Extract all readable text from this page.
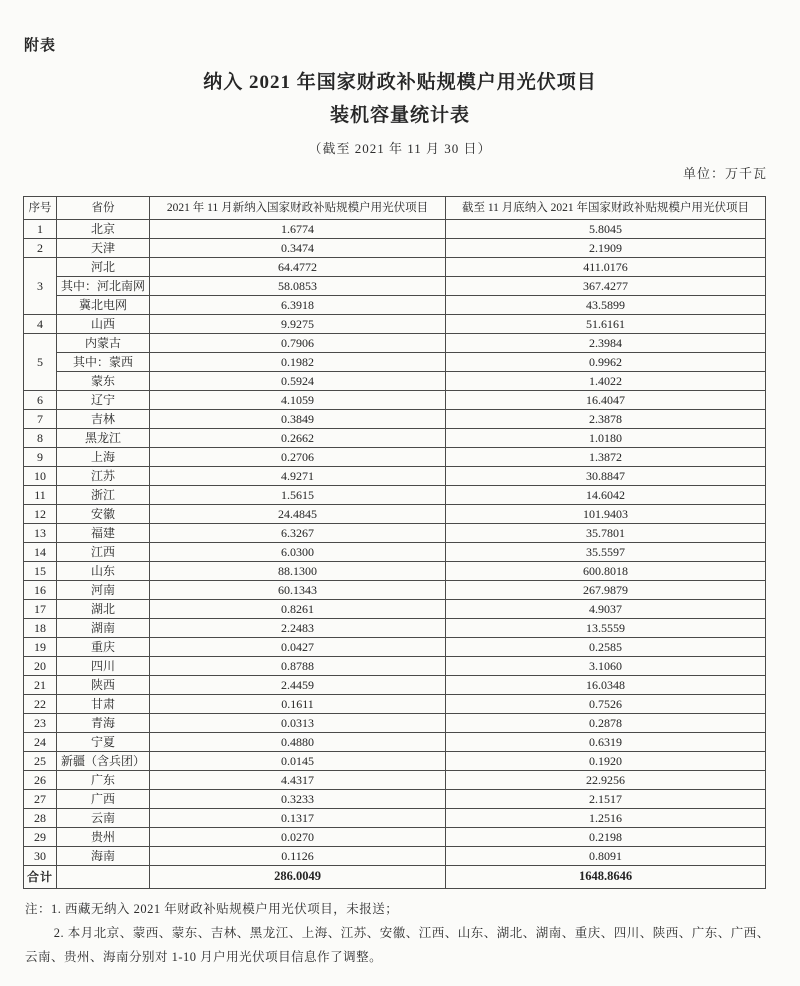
附表
纳入 2021 年国家财政补贴规模户用光伏项目
装机容量统计表
（截至 2021 年 11 月 30 日）
单位：万千瓦
序号	省份	2021 年 11 月新纳入国家财政补贴规模户用光伏项目	截至 11 月底纳入 2021 年国家财政补贴规模户用光伏项目
1	北京	1.6774	5.8045
2	天津	0.3474	2.1909
3	河北	64.4772	411.0176
	其中：河北南网	58.0853	367.4277
	冀北电网	6.3918	43.5899
4	山西	9.9275	51.6161
5	内蒙古	0.7906	2.3984
	其中：蒙西	0.1982	0.9962
	蒙东	0.5924	1.4022
6	辽宁	4.1059	16.4047
7	吉林	0.3849	2.3878
8	黑龙江	0.2662	1.0180
9	上海	0.2706	1.3872
10	江苏	4.9271	30.8847
11	浙江	1.5615	14.6042
12	安徽	24.4845	101.9403
13	福建	6.3267	35.7801
14	江西	6.0300	35.5597
15	山东	88.1300	600.8018
16	河南	60.1343	267.9879
17	湖北	0.8261	4.9037
18	湖南	2.2483	13.5559
19	重庆	0.0427	0.2585
20	四川	0.8788	3.1060
21	陕西	2.4459	16.0348
22	甘肃	0.1611	0.7526
23	青海	0.0313	0.2878
24	宁夏	0.4880	0.6319
25	新疆（含兵团）	0.0145	0.1920
26	广东	4.4317	22.9256
27	广西	0.3233	2.1517
28	云南	0.1317	1.2516
29	贵州	0.0270	0.2198
30	海南	0.1126	0.8091
合计		286.0049	1648.8646

注：1. 西藏无纳入 2021 年财政补贴规模户用光伏项目，未报送；

2. 本月北京、蒙西、蒙东、吉林、黑龙江、上海、江苏、安徽、江西、山东、湖北、湖南、重庆、四川、陕西、广东、广西、云南、贵州、海南分别对 1-10 月户用光伏项目信息作了调整。
